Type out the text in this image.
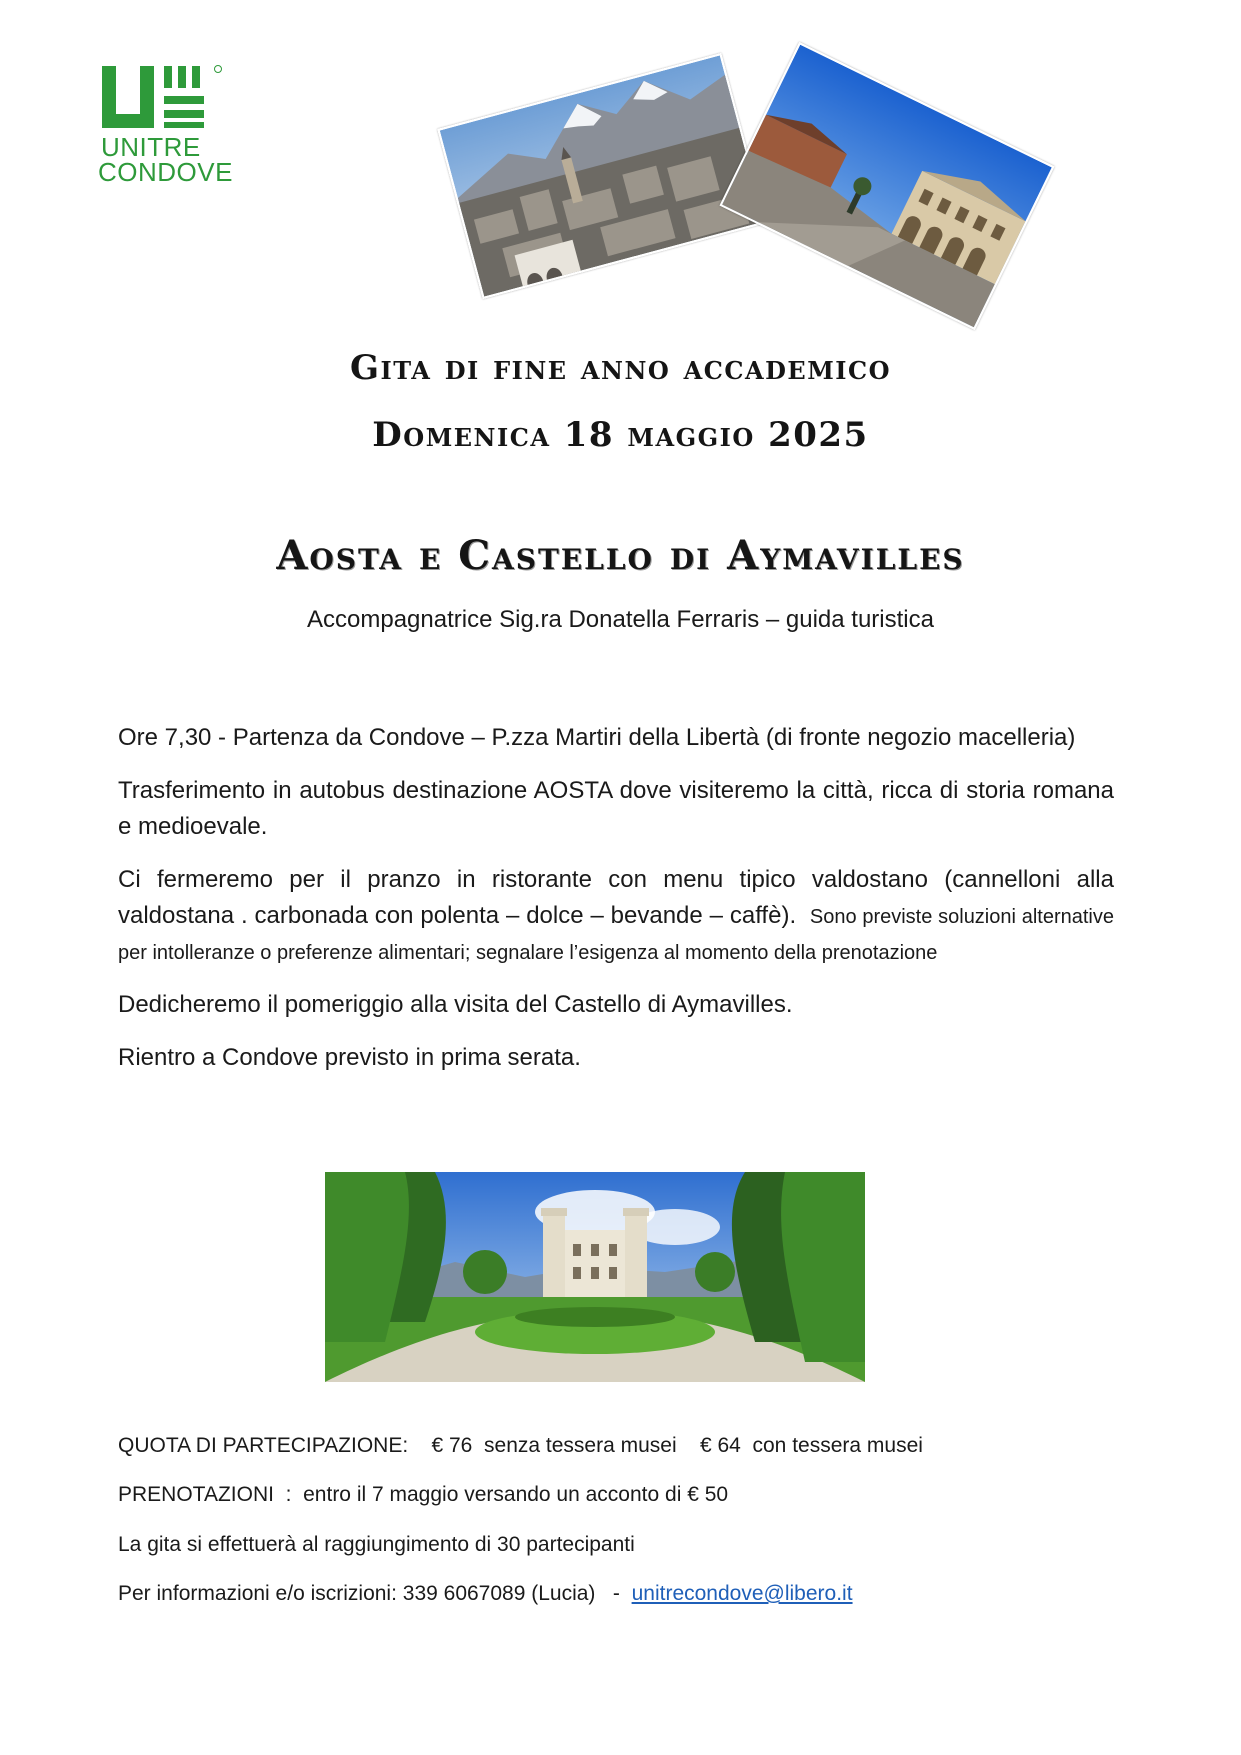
UNITRE
CONDOVE
Gita di fine anno accademico
Domenica 18 maggio 2025
Aosta e Castello di Aymavilles

Accompagnatrice Sig.ra Donatella Ferraris – guida turistica

Ore 7,30 - Partenza da Condove – P.zza Martiri della Libertà (di fronte negozio macelleria)

Trasferimento in autobus destinazione AOSTA dove visiteremo la città, ricca di storia romana e medioevale.

Ci fermeremo per il pranzo in ristorante con menu tipico valdostano (cannelloni alla valdostana . carbonada con polenta – dolce – bevande – caffè). Sono previste soluzioni alternative per intolleranze o preferenze alimentari; segnalare l’esigenza al momento della prenotazione

Dedicheremo il pomeriggio alla visita del Castello di Aymavilles.

Rientro a Condove previsto in prima serata.

QUOTA DI PARTECIPAZIONE:    € 76  senza tessera musei    € 64  con tessera musei
PRENOTAZIONI  :  entro il 7 maggio versando un acconto di € 50
La gita si effettuerà al raggiungimento di 30 partecipanti
Per informazioni e/o iscrizioni: 339 6067089 (Lucia)   -  unitrecondove@libero.it
